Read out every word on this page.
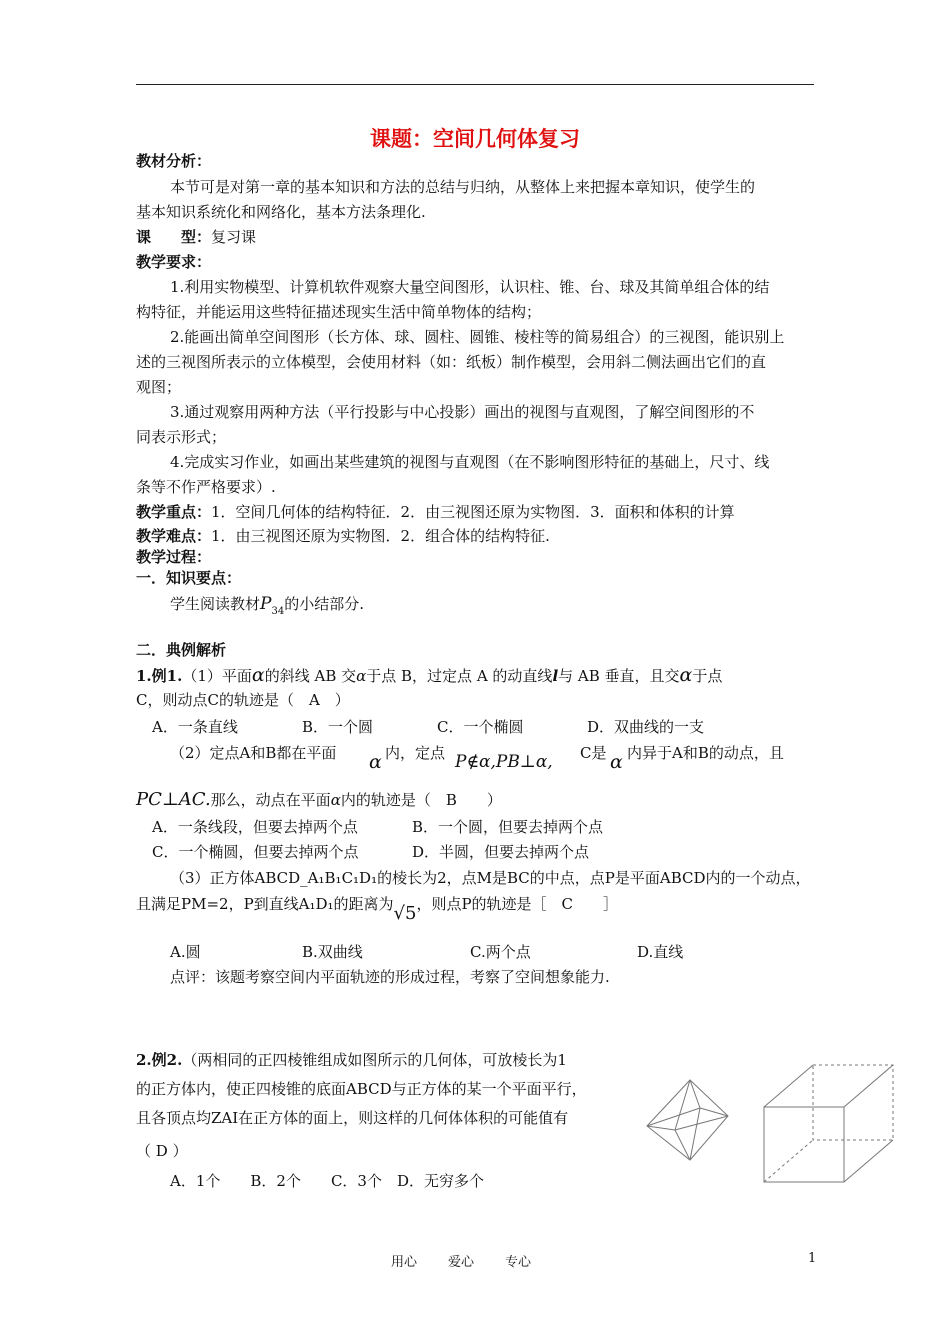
课题：空间几何体复习
教材分析：
本节可是对第一章的基本知识和方法的总结与归纳，从整体上来把握本章知识，使学生的
基本知识系统化和网络化，基本方法条理化.
课　　型：复习课
教学要求：
1.利用实物模型、计算机软件观察大量空间图形，认识柱、锥、台、球及其简单组合体的结
构特征，并能运用这些特征描述现实生活中简单物体的结构；
2.能画出简单空间图形（长方体、球、圆柱、圆锥、棱柱等的简易组合）的三视图，能识别上
述的三视图所表示的立体模型，会使用材料（如：纸板）制作模型，会用斜二侧法画出它们的直
观图；
3.通过观察用两种方法（平行投影与中心投影）画出的视图与直观图，了解空间图形的不
同表示形式；
4.完成实习作业，如画出某些建筑的视图与直观图（在不影响图形特征的基础上，尺寸、线
条等不作严格要求）.
教学重点：1．空间几何体的结构特征．2．由三视图还原为实物图．3．面积和体积的计算
教学难点：1．由三视图还原为实物图．2．组合体的结构特征.
教学过程：
一．知识要点：
学生阅读教材$P_{34}$的小结部分.
二．典例解析
1.例1.（1）平面α的斜线 AB 交α于点 B，过定点 A 的动直线l与 AB 垂直，且交α于点
C，则动点C的轨迹是（　A　）
A．一条直线	B．一个圆	C．一个椭圆	D．双曲线的一支
（2）定点A和B都在平面 α 内，定点 P∉α,PB⊥α, C是 α 内异于A和B的动点，且
PC⊥AC.那么，动点在平面α内的轨迹是（　B　　）
A．一条线段，但要去掉两个点	B．一个圆，但要去掉两个点
C．一个椭圆，但要去掉两个点	D．半圆，但要去掉两个点
（3）正方体ABCD_A₁B₁C₁D₁的棱长为2，点M是BC的中点，点P是平面ABCD内的一个动点，
且满足PM=2，P到直线A₁D₁的距离为√5，则点P的轨迹是［　C　　］
A.圆	B.双曲线	C.两个点	D.直线
点评：该题考察空间内平面轨迹的形成过程，考察了空间想象能力.
2.例2.（两相同的正四棱锥组成如图所示的几何体，可放棱长为1
的正方体内，使正四棱锥的底面ABCD与正方体的某一个平面平行，
且各顶点均ZAI在正方体的面上，则这样的几何体体积的可能值有
（ D ）
A．1个　　B．2个　　C．3个　D．无穷多个
用心 爱心 专心	1
